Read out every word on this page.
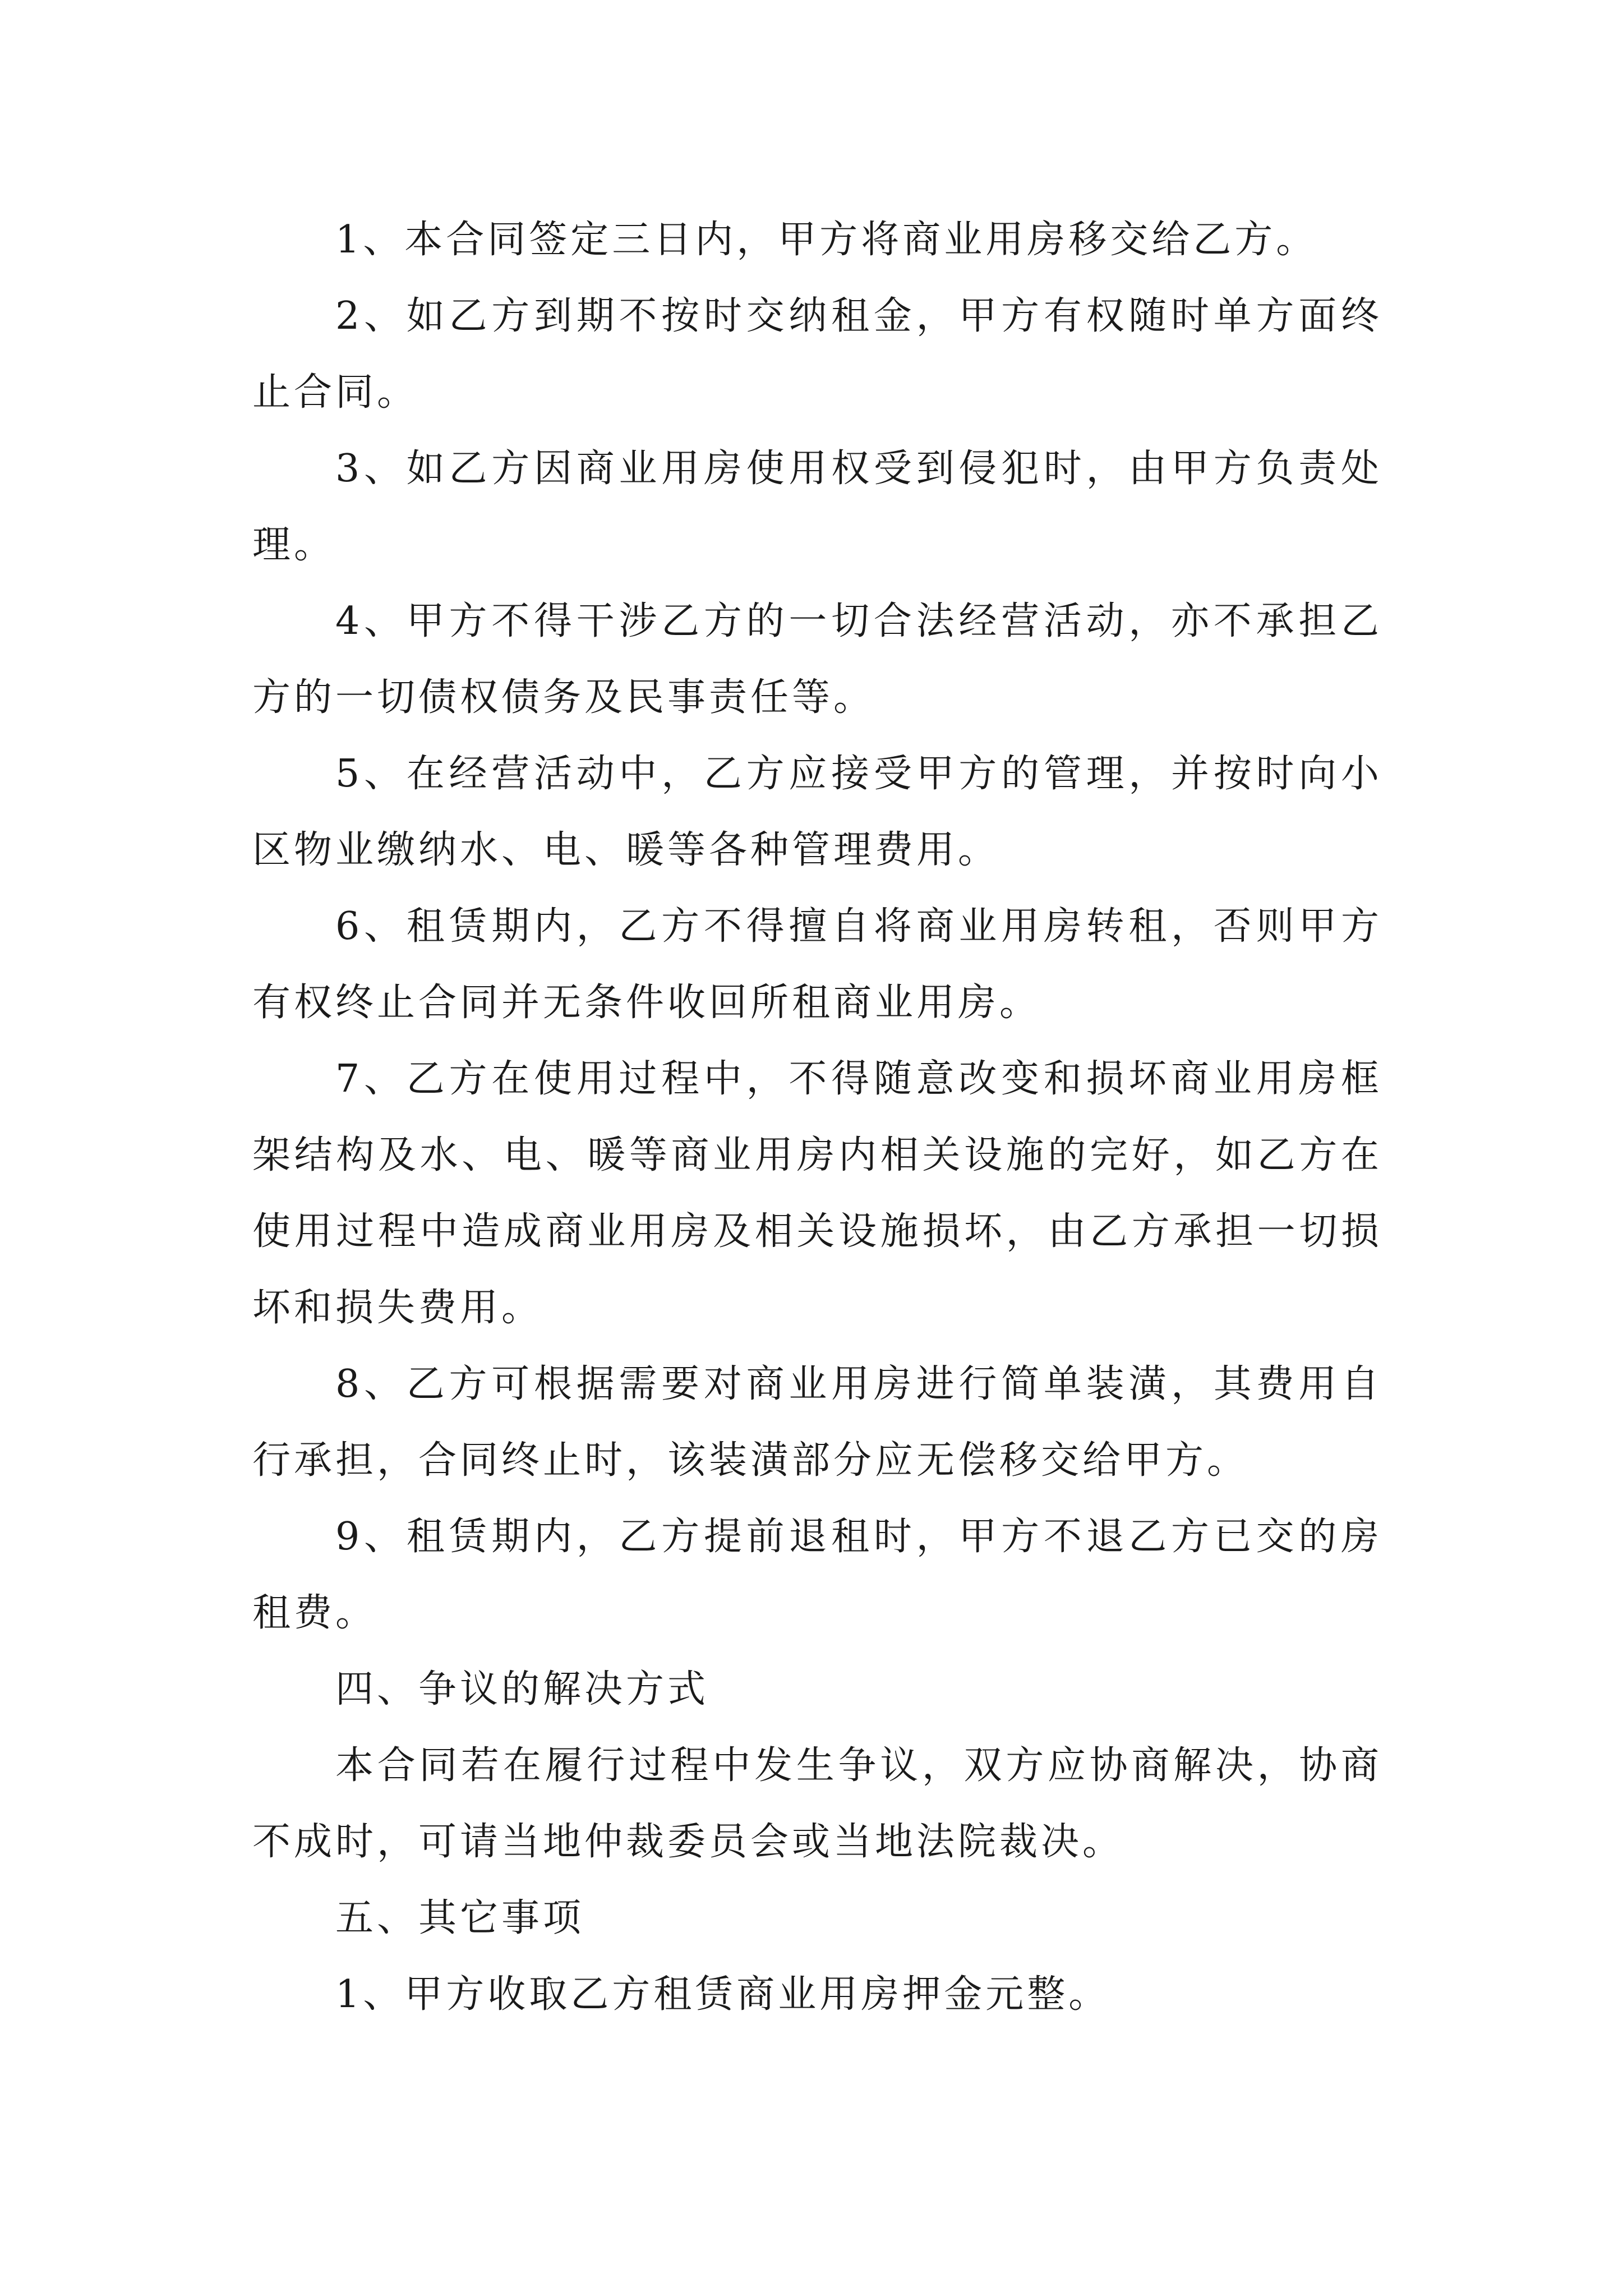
1、本合同签定三日内，甲方将商业用房移交给乙方。

2、如乙方到期不按时交纳租金，甲方有权随时单方面终止合同。

3、如乙方因商业用房使用权受到侵犯时，由甲方负责处理。

4、甲方不得干涉乙方的一切合法经营活动，亦不承担乙方的一切债权债务及民事责任等。

5、在经营活动中，乙方应接受甲方的管理，并按时向小区物业缴纳水、电、暖等各种管理费用。

6、租赁期内，乙方不得擅自将商业用房转租，否则甲方有权终止合同并无条件收回所租商业用房。

7、乙方在使用过程中，不得随意改变和损坏商业用房框架结构及水、电、暖等商业用房内相关设施的完好，如乙方在使用过程中造成商业用房及相关设施损坏，由乙方承担一切损坏和损失费用。

8、乙方可根据需要对商业用房进行简单装潢，其费用自行承担，合同终止时，该装潢部分应无偿移交给甲方。

9、租赁期内，乙方提前退租时，甲方不退乙方已交的房租费。

四、争议的解决方式

本合同若在履行过程中发生争议，双方应协商解决，协商不成时，可请当地仲裁委员会或当地法院裁决。

五、其它事项

1、甲方收取乙方租赁商业用房押金元整。
